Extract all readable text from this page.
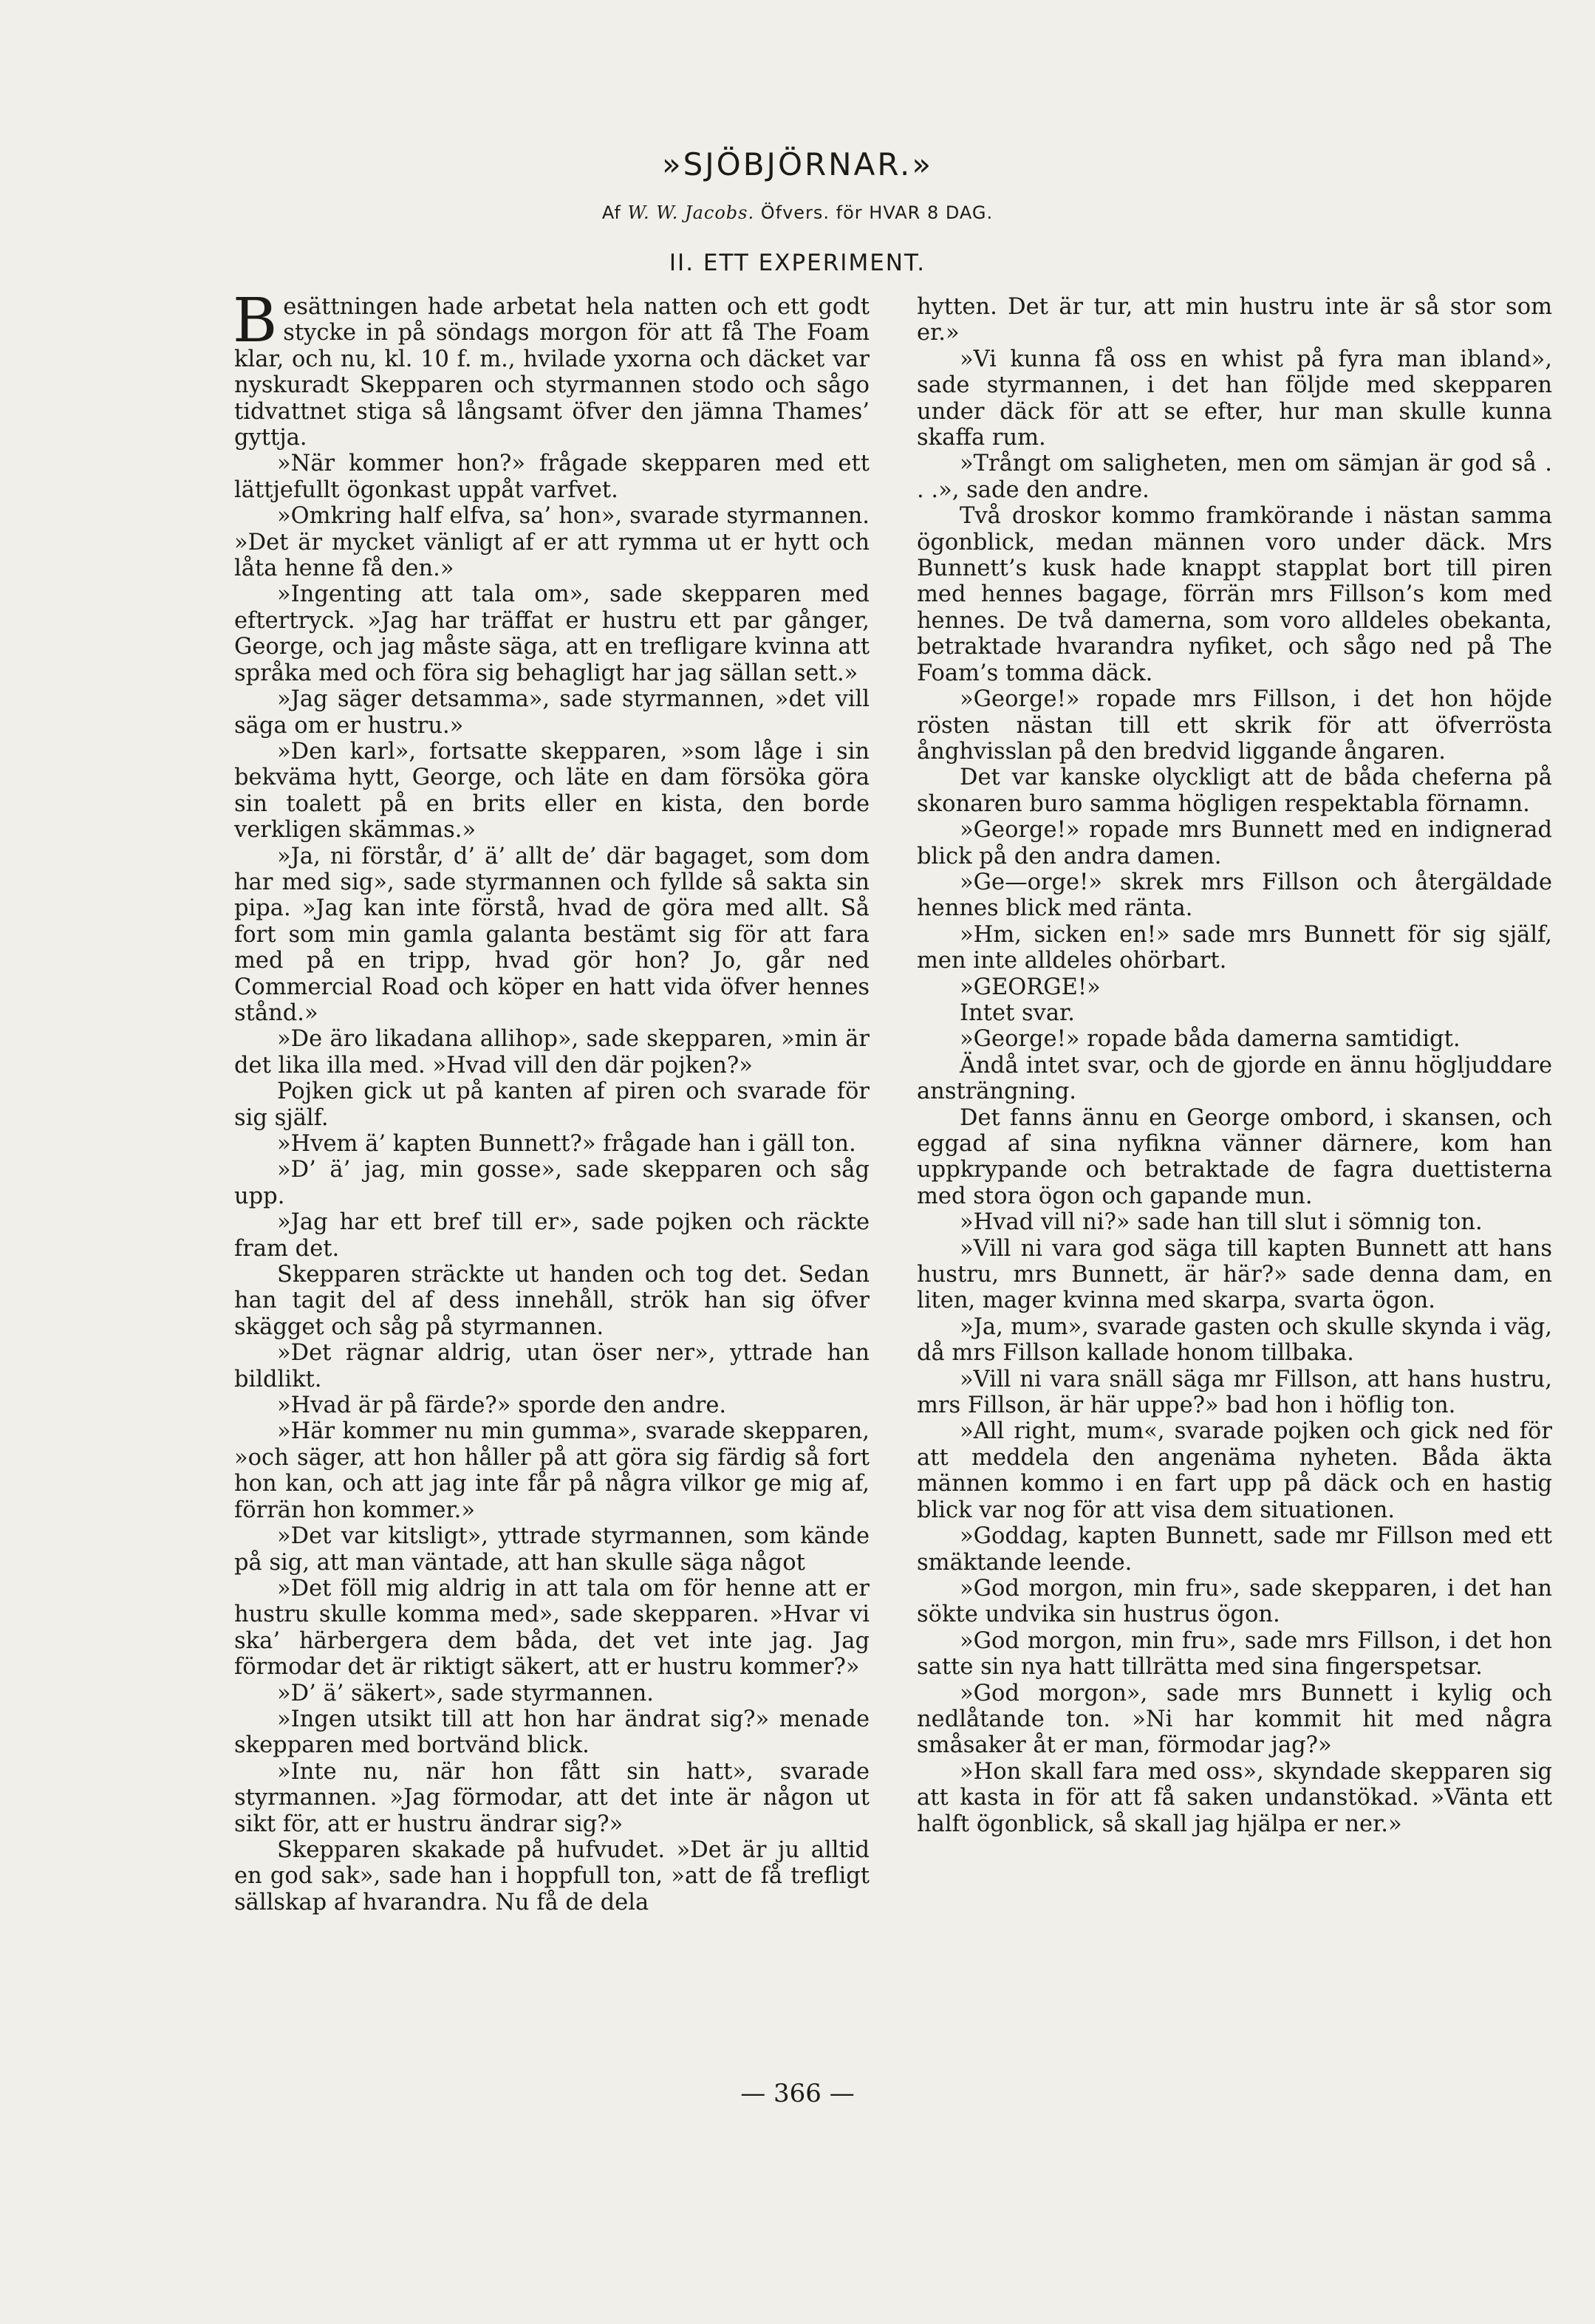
»SJÖBJÖRNAR.»
Af W. W. Jacobs. Öfvers. för HVAR 8 DAG.
II. ETT EXPERIMENT.

Besättningen hade arbetat hela natten och ett godt stycke in på söndags morgon för att få The Foam klar, och nu, kl. 10 f. m., hvilade yxorna och däcket var nyskuradt Skepparen och styrmannen stodo och sågo tidvattnet stiga så långsamt öfver den jämna Thames’ gyttja.

»När kommer hon?» frågade skepparen med ett lättjefullt ögonkast uppåt varfvet.

»Omkring half elfva, sa’ hon», svarade styrmannen. »Det är mycket vänligt af er att rymma ut er hytt och låta henne få den.»

»Ingenting att tala om», sade skepparen med eftertryck. »Jag har träffat er hustru ett par gånger, George, och jag måste säga, att en trefligare kvinna att språka med och föra sig behagligt har jag sällan sett.»

»Jag säger detsamma», sade styrmannen, »det vill säga om er hustru.»

»Den karl», fortsatte skepparen, »som låge i sin bekväma hytt, George, och läte en dam försöka göra sin toalett på en brits eller en kista, den borde verkligen skämmas.»

»Ja, ni förstår, d’ ä’ allt de’ där bagaget, som dom har med sig», sade styrmannen och fyllde så sakta sin pipa. »Jag kan inte förstå, hvad de göra med allt. Så fort som min gamla galanta bestämt sig för att fara med på en tripp, hvad gör hon? Jo, går ned Commercial Road och köper en hatt vida öfver hennes stånd.»

»De äro likadana allihop», sade skepparen, »min är det lika illa med. »Hvad vill den där pojken?»

Pojken gick ut på kanten af piren och svarade för sig själf.

»Hvem ä’ kapten Bunnett?» frågade han i gäll ton.

»D’ ä’ jag, min gosse», sade skepparen och såg upp.

»Jag har ett bref till er», sade pojken och räckte fram det.

Skepparen sträckte ut handen och tog det. Sedan han tagit del af dess innehåll, strök han sig öfver skägget och såg på styrmannen.

»Det rägnar aldrig, utan öser ner», yttrade han bildlikt.

»Hvad är på färde?» sporde den andre.

»Här kommer nu min gumma», svarade skepparen, »och säger, att hon håller på att göra sig färdig så fort hon kan, och att jag inte får på några vilkor ge mig af, förrän hon kommer.»

»Det var kitsligt», yttrade styrmannen, som kände på sig, att man väntade, att han skulle säga något

»Det föll mig aldrig in att tala om för henne att er hustru skulle komma med», sade skepparen. »Hvar vi ska’ härbergera dem båda, det vet inte jag. Jag förmodar det är riktigt säkert, att er hustru kommer?»

»D’ ä’ säkert», sade styrmannen.

»Ingen utsikt till att hon har ändrat sig?» menade skepparen med bortvänd blick.

»Inte nu, när hon fått sin hatt», svarade styrmannen. »Jag förmodar, att det inte är någon ut sikt för, att er hustru ändrar sig?»

Skepparen skakade på hufvudet. »Det är ju alltid en god sak», sade han i hoppfull ton, »att de få trefligt sällskap af hvarandra. Nu få de dela

hytten. Det är tur, att min hustru inte är så stor som er.»

»Vi kunna få oss en whist på fyra man ibland», sade styrmannen, i det han följde med skepparen under däck för att se efter, hur man skulle kunna skaffa rum.

»Trångt om saligheten, men om sämjan är god så . . .», sade den andre.

Två droskor kommo framkörande i nästan samma ögonblick, medan männen voro under däck. Mrs Bunnett’s kusk hade knappt stapplat bort till piren med hennes bagage, förrän mrs Fillson’s kom med hennes. De två damerna, som voro alldeles obekanta, betraktade hvarandra nyfiket, och sågo ned på The Foam’s tomma däck.

»George!» ropade mrs Fillson, i det hon höjde rösten nästan till ett skrik för att öfverrösta ånghvisslan på den bredvid liggande ångaren.

Det var kanske olyckligt att de båda cheferna på skonaren buro samma högligen respektabla förnamn.

»George!» ropade mrs Bunnett med en indignerad blick på den andra damen.

»Ge—orge!» skrek mrs Fillson och återgäldade hennes blick med ränta.

»Hm, sicken en!» sade mrs Bunnett för sig själf, men inte alldeles ohörbart.

»GEORGE!»

Intet svar.

»George!» ropade båda damerna samtidigt.

Ändå intet svar, och de gjorde en ännu högljuddare ansträngning.

Det fanns ännu en George ombord, i skansen, och eggad af sina nyfikna vänner därnere, kom han uppkrypande och betraktade de fagra duettisterna med stora ögon och gapande mun.

»Hvad vill ni?» sade han till slut i sömnig ton.

»Vill ni vara god säga till kapten Bunnett att hans hustru, mrs Bunnett, är här?» sade denna dam, en liten, mager kvinna med skarpa, svarta ögon.

»Ja, mum», svarade gasten och skulle skynda i väg, då mrs Fillson kallade honom tillbaka.

»Vill ni vara snäll säga mr Fillson, att hans hustru, mrs Fillson, är här uppe?» bad hon i höflig ton.

»All right, mum«, svarade pojken och gick ned för att meddela den angenäma nyheten. Båda äkta männen kommo i en fart upp på däck och en hastig blick var nog för att visa dem situationen.

»Goddag, kapten Bunnett, sade mr Fillson med ett smäktande leende.

»God morgon, min fru», sade skepparen, i det han sökte undvika sin hustrus ögon.

»God morgon, min fru», sade mrs Fillson, i det hon satte sin nya hatt tillrätta med sina fingerspetsar.

»God morgon», sade mrs Bunnett i kylig och nedlåtande ton. »Ni har kommit hit med några småsaker åt er man, förmodar jag?»

»Hon skall fara med oss», skyndade skepparen sig att kasta in för att få saken undanstökad. »Vänta ett halft ögonblick, så skall jag hjälpa er ner.»

— 366 —
